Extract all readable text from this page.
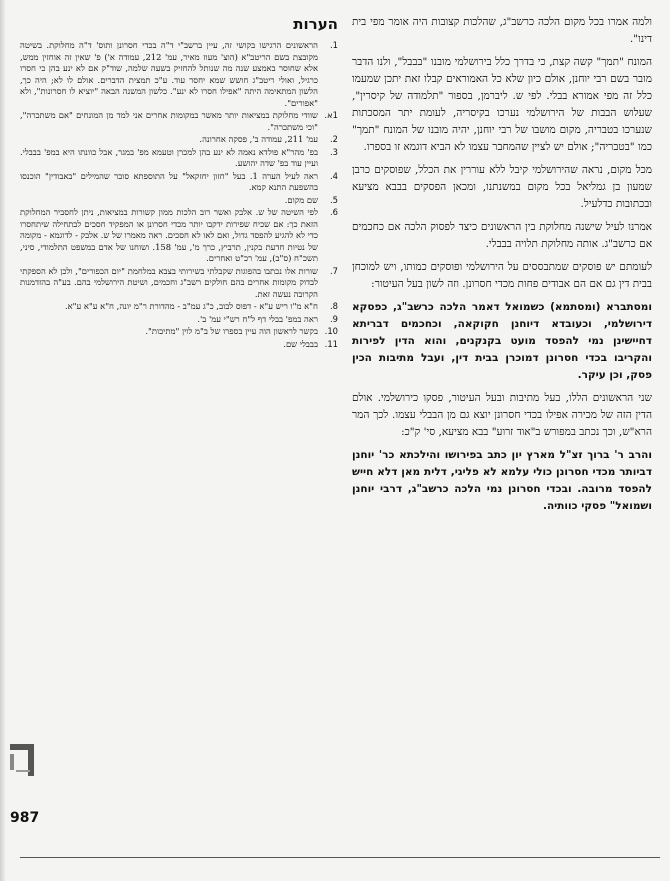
ולמה אמרו בכל מקום הלכה כרשב"ג, שהלכות קצובות היה אומר מפי בית דינו".

המונח "תמך" קשה קצת, כי בדרך כלל בירושלמי מובנו "בבבל", ולנו הדבר מובר בשם רבי יוחנן, אולם כיון שלא כל האמוראים קבלו זאת יתכן שמעמו כלל זה מפי אמורא בבלי. לפי ש. ליברמן, בספור "תלמודה של קיסרין", שעלוש הבבות של הירושלמי נערכו בקיסריה, לעומת יתר המסכתות שנערכו בטבריה, מקום מושבו של רבי יוחנן, יהיה מובנו של המונח "תמך" כמו "בטבריה"; אולם יש לציין שהמחבר עצמו לא הביא דוגמא זו בספרו.

מכל מקום, נראה שהירושלמי קיבל ללא עוררין את הכלל, שפוסקים כרבן שמעון בן גמליאל בכל מקום במשנתנו, ומכאן הפסקים בבבא מציעא ובכתובות כדלעיל.

אמרנו לעיל שישנה מחלוקת בין הראשונים כיצד לפסוק הלכה אם כחכמים אם כרשב"ג. אותה מחלוקת תלויה בבבלי.

לעומתם יש פוסקים שמתבססים על הירושלמי ופוסקים כמותו, ויש למוכחן בבית דין גם אם הם אבודים פחות מכדי חסרונן. וזה לשון בעל העיטור:

ומסתברא (ומסתמא) כשמואל דאמר הלכה כרשב"ג, כפסקא דירושלמי, וכעובדא דיוחנן חקוקאה, וכחכמים דבריתא דחיישינן נמי להפסד מועט בקנקנים, והוא הדין לפירות והקריבו בכדי חסרונן דמוכרן בבית דין, ועבל מתיבות הכין פסק, וכן עיקר.

שני הראשונים הללו, בעל מתיבות ובעל העיטור, פסקו כירושלמי. אולם הדין הזה של מכירה אפילו בכדי חסרונן יוצא גם מן הבבלי עצמו. לכך המר הרא"ש, וכך נכתב במפורש ב"אוד זרוע" בבא מציעא, סי' ק"כ:

והרב ר' ברוך זצ"ל מארץ יון כתב בפירושו והילכתא כר' יוחנן דביותר מכדי חסרונן כולי עלמא לא פליגי, דלית מאן דלא חייש להפסד מרובה. ובכדי חסרונן נמי הלכה כרשב"ג, דרבי יוחנן ושמואל" פסקי כוותיה.

הערות
1.
הראשונים הרגישו בקושי זה, עיין ברשב"י ד"ה בכדי חסרונן ותוס' ד"ה מחלוקת. בשיטה מקובצת בשם הריטב"א (הוצ' מעוז מאיר, עמ' 212, עמודה א') פ' שאין זה אוחזין ממש, אלא שחוסר באמצע שנה מה שנותל להחזיק בשעה שלמה, שוד"ק אם לא ינע בהן כי חסרו כרגיל, ואולי ריטב"ג חושש שמא יחסר עוד. ע"כ תמצית הדברים. אולם לו לא; היה כך, הלשון המתאימה היתה "אפילו חסרו לא ינע". כלשון המשנה הבאה "יוציא לו חסרונות", ולא "אפורים".
1א.
שוודי מחלוקת במציאות יותר מאשר במקומות אחרים אני למד מן המונחים "אם משתכרה", "וכי משתכרה".
2.
עמ' 211, עמודה ב', פסקה אחרונה.
3.
בפ' מהר"א פולדא נאמה לא ינע בהן למכרן וטעמא מפ' במגר, אבל כוונתו היא במפ' בבבלי. ועיין עוד בפ' שדה יהושע.
4.
ראה לעיל הערה 1. בעל "חזון יחזקאל" על התוספתא סובר שהמילים "באבודין" הוכנסו בהשפעת התנא קמא.
5.
שם מקום.
6.
לפי השיטה של ש. אלבק ואשר רוב הלכות ממון קשורות במציאות, ניתן לחסביר המחלוקת הזאת כך: אם שכיח שפירות ידקבו יותר מכדי חסרונן או המפקיד חסכים לבתחילה שיתחסרו כדי לא להגיע להפסד גדול, ואם לאו לא חסכים. ראה מאמרו של ש. אלבק - לדוגמא - מקומה של נטיות חדעת בקנין, תרביץ, כרך מ', עמ' 158. ושוחנו של אדם במשפט התלמודי, סיני, תשכ"ח (ס"ב), עמ' רכ"ט ואחרים.
7.
שורות אלו נכתבו בהפוגות שקבלתי בשירותי בצבא במלחמת "יום הכפורים", ולכן לא הספקתי לבדוק מקומות אחרים בהם חולקים רשב"ג וחכמים, ושיטת הירושלמי בהם. בע"ה בהזדמנות הקרובה נעשה זאת.
8.
ח"א מ"ו ריש ע"א - דפוס לבוב, כ"ג עמ"ב - מהדורת ר"מ יונה, ח"א ע"א ע"א.
9.
ראה במפ' בבלי דף ל"ח רש"י עמ' ב'.
10.
בקשר לראשון הוה עיין בספרו של ב"מ לוין "מתיבות".
11.
בבבלי שם.
987
